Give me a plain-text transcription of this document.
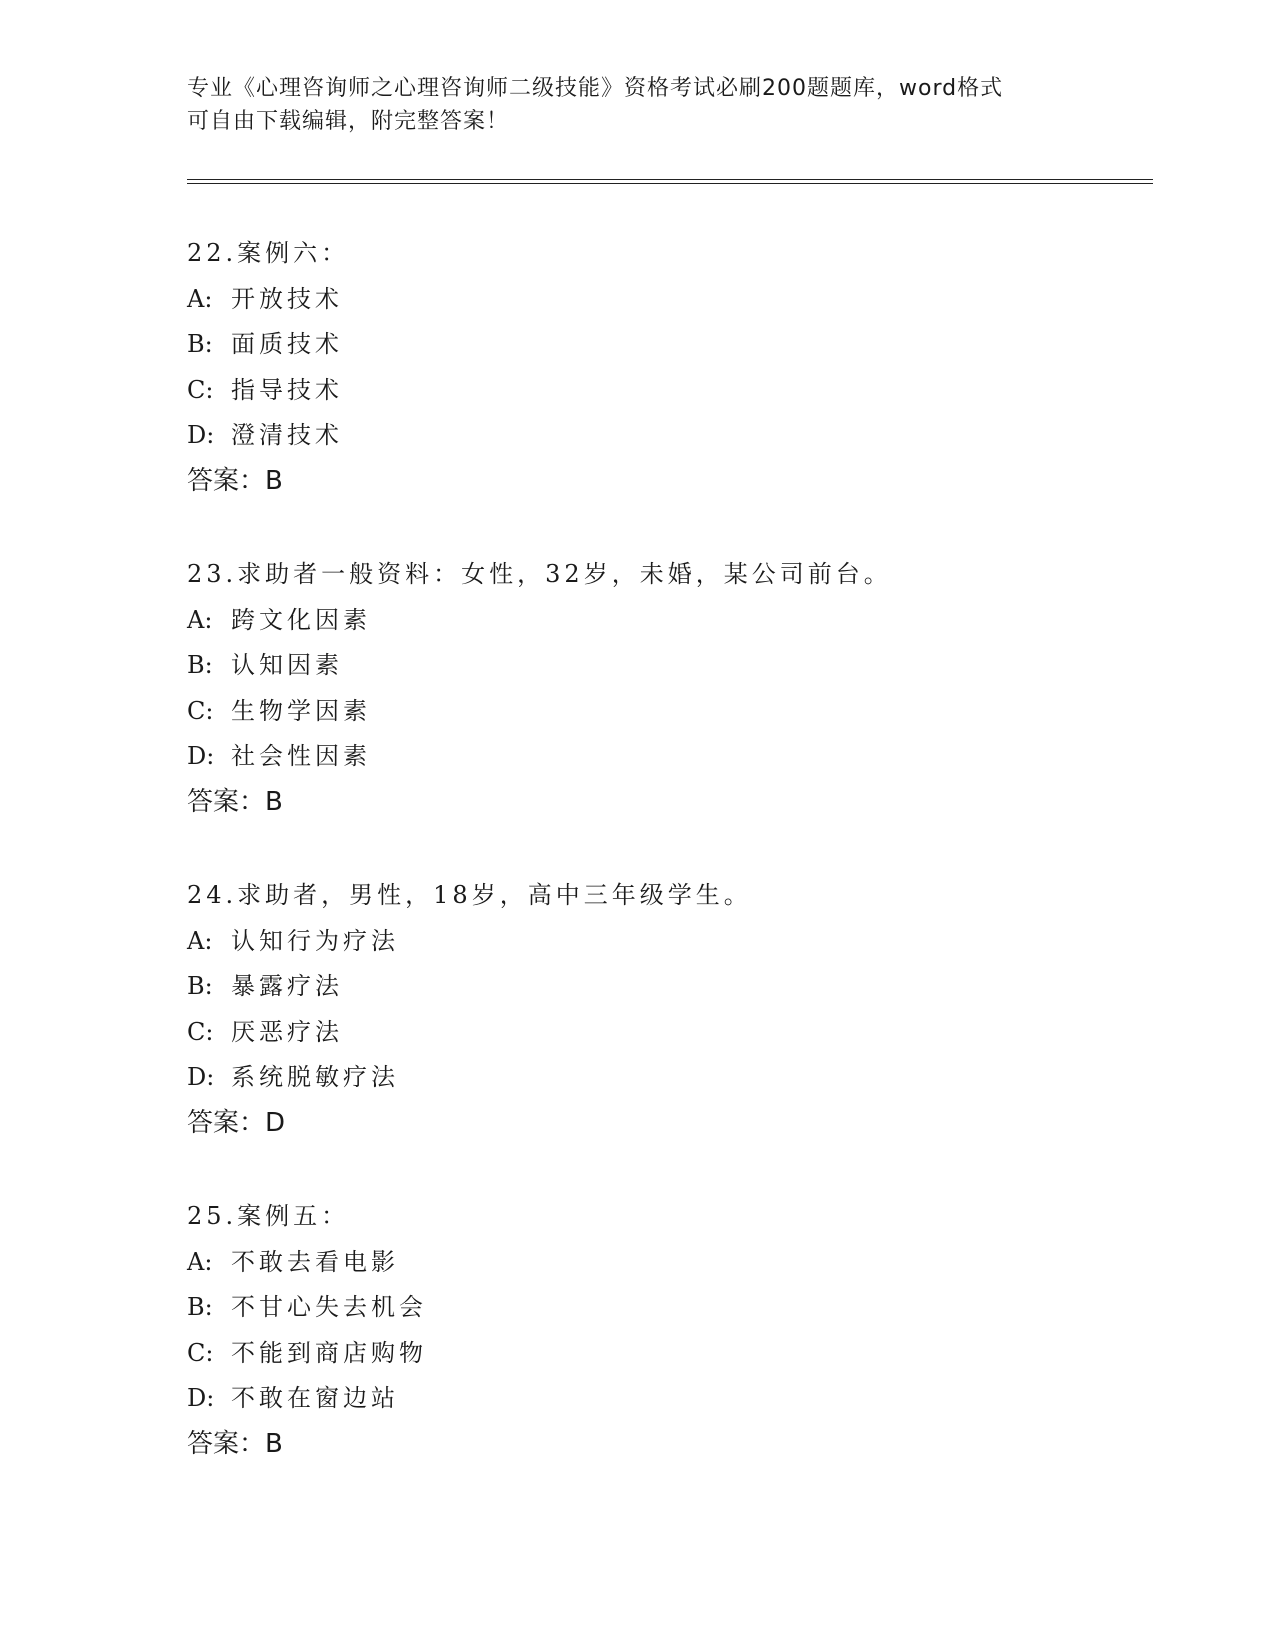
专业《心理咨询师之心理咨询师二级技能》资格考试必刷200题题库，word格式
可自由下载编辑，附完整答案！
22.案例六：
A: 开放技术
B: 面质技术
C: 指导技术
D: 澄清技术
答案：B
23.求助者一般资料：女性，32岁，未婚，某公司前台。
A: 跨文化因素
B: 认知因素
C: 生物学因素
D: 社会性因素
答案：B
24.求助者，男性，18岁，高中三年级学生。
A: 认知行为疗法
B: 暴露疗法
C: 厌恶疗法
D: 系统脱敏疗法
答案：D
25.案例五：
A: 不敢去看电影
B: 不甘心失去机会
C: 不能到商店购物
D: 不敢在窗边站
答案：B
